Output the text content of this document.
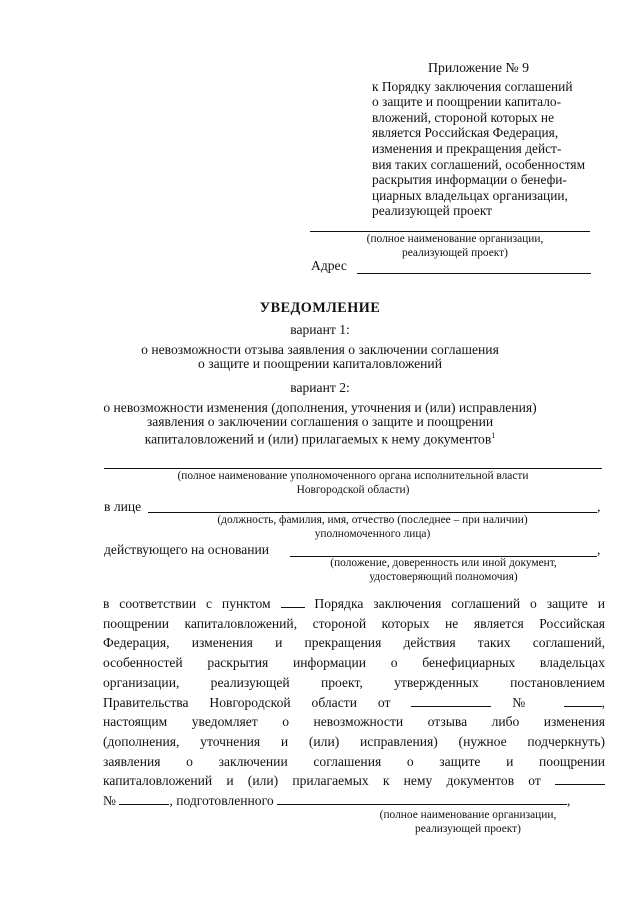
Приложение № 9
к Порядку заключения соглашений
о защите и поощрении капитало-
вложений, стороной которых не
является Российская Федерация,
изменения и прекращения дейст-
вия таких соглашений, особенностям
раскрытия информации о бенефи-
циарных владельцах организации,
реализующей проект
(полное наименование организации,
реализующей проект)
Адрес
УВЕДОМЛЕНИЕ
вариант 1:
о невозможности отзыва заявления о заключении соглашения
о защите и поощрении капиталовложений
вариант 2:
о невозможности изменения (дополнения, уточнения и (или) исправления)
заявления о заключении соглашения о защите и поощрении
капиталовложений и (или) прилагаемых к нему документов$^1$
(полное наименование уполномоченного органа исполнительной власти
Новгородской области)
в лице	,
(должность, фамилия, имя, отчество (последнее – при наличии)
уполномоченного лица)
действующего на основании	,
(положение, доверенность или иной документ,
удостоверяющий полномочия)
в соответствии с пунктом	Порядка заключения соглашений о защите и
поощрении капиталовложений, стороной которых не является Российская
Федерация, изменения и прекращения действия таких соглашений,
особенностей раскрытия информации о бенефициарных владельцах
организации, реализующей проект, утвержденных постановлением
Правительства Новгородской области от	№	,
настоящим уведомляет о невозможности отзыва либо изменения
(дополнения, уточнения и (или) исправления) (нужное подчеркнуть)
заявления о заключении соглашения о защите и поощрении
капиталовложений и (или) прилагаемых к нему документов от
№	, подготовленного	,
(полное наименование организации,
реализующей проект)
